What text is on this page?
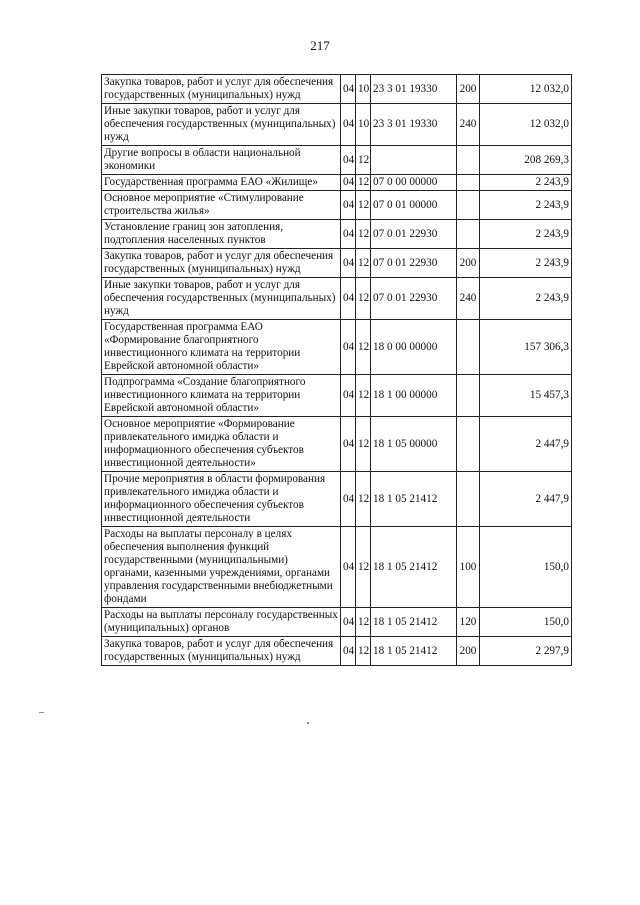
217
Закупка товаров, работ и услуг для обеспечения государственных (муниципальных) нужд	04	10	23 3 01 19330	200	12 032,0
Иные закупки товаров, работ и услуг для обеспечения государственных (муниципальных) нужд	04	10	23 3 01 19330	240	12 032,0
Другие вопросы в области национальной экономики	04	12			208 269,3
Государственная программа ЕАО «Жилище»	04	12	07 0 00 00000		2 243,9
Основное мероприятие «Стимулирование строительства жилья»	04	12	07 0 01 00000		2 243,9
Установление границ зон затопления, подтопления населенных пунктов	04	12	07 0 01 22930		2 243,9
Закупка товаров, работ и услуг для обеспечения государственных (муниципальных) нужд	04	12	07 0 01 22930	200	2 243,9
Иные закупки товаров, работ и услуг для обеспечения государственных (муниципальных) нужд	04	12	07 0 01 22930	240	2 243,9
Государственная программа ЕАО «Формирование благоприятного инвестиционного климата на территории Еврейской автономной области»	04	12	18 0 00 00000		157 306,3
Подпрограмма «Создание благоприятного инвестиционного климата на территории Еврейской автономной области»	04	12	18 1 00 00000		15 457,3
Основное мероприятие «Формирование привлекательного имиджа области и информационного обеспечения субъектов инвестиционной деятельности»	04	12	18 1 05 00000		2 447,9
Прочие мероприятия в области формирования привлекательного имиджа области и информационного обеспечения субъектов инвестиционной деятельности	04	12	18 1 05 21412		2 447,9
Расходы на выплаты персоналу в целях обеспечения выполнения функций государственными (муниципальными) органами, казенными учреждениями, органами управления государственными внебюджетными фондами	04	12	18 1 05 21412	100	150,0
Расходы на выплаты персоналу государственных (муниципальных) органов	04	12	18 1 05 21412	120	150,0
Закупка товаров, работ и услуг для обеспечения государственных (муниципальных) нужд	04	12	18 1 05 21412	200	2 297,9
